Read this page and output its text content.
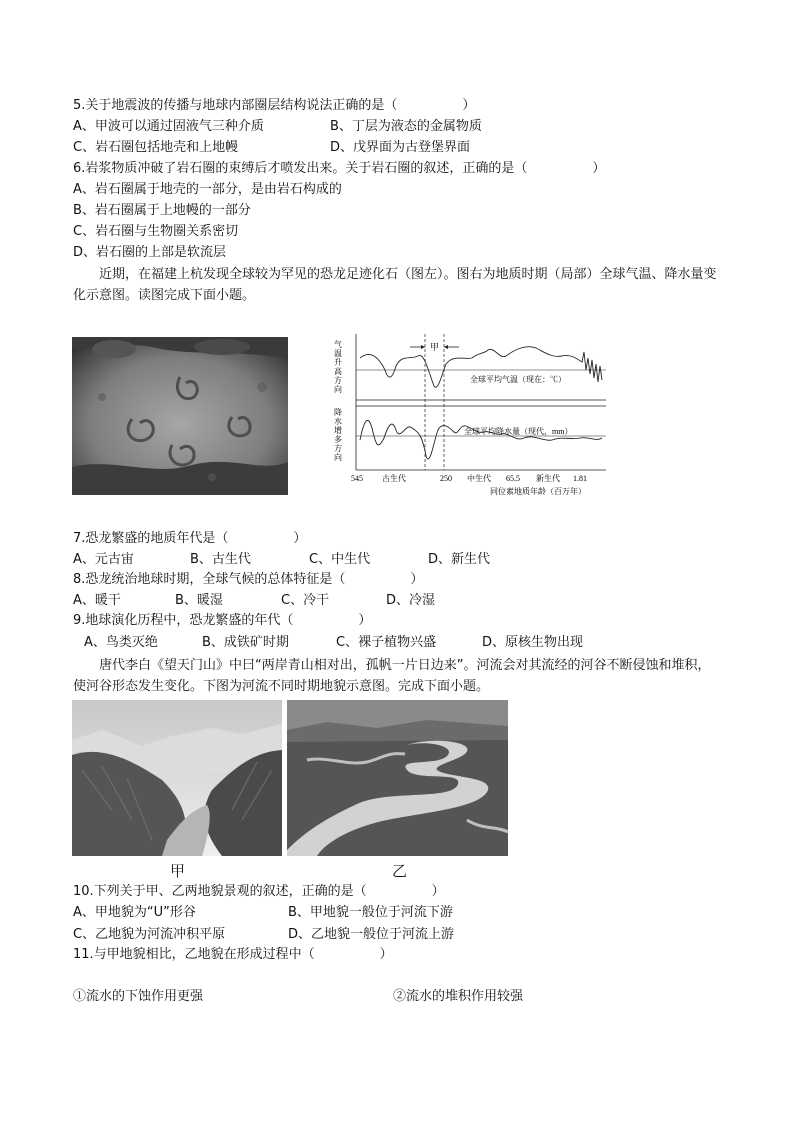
5.关于地震波的传播与地球内部圈层结构说法正确的是（　　　　　）
A、甲波可以通过固液气三种介质	B、丁层为液态的金属物质
C、岩石圈包括地壳和上地幔	D、戊界面为古登堡界面
6.岩浆物质冲破了岩石圈的束缚后才喷发出来。关于岩石圈的叙述，正确的是（　　　　　）
A、岩石圈属于地壳的一部分，是由岩石构成的
B、岩石圈属于上地幔的一部分
C、岩石圈与生物圈关系密切
D、岩石圈的上部是软流层
近期，在福建上杭发现全球较为罕见的恐龙足迹化石（图左）。图右为地质时期（局部）全球气温、降水量变化示意图。读图完成下面小题。
气温升高方向
降水增多方向
甲
全球平均气温（现在：℃）
全球平均降水量（现代，mm）
545 古生代	250 中生代 65.5 新生代 1.81
同位素地质年龄（百万年）
7.恐龙繁盛的地质年代是（　　　　　）
A、元古宙	B、古生代	C、中生代	D、新生代
8.恐龙统治地球时期，全球气候的总体特征是（　　　　　）
A、暖干	B、暖湿	C、冷干	D、冷湿
9.地球演化历程中，恐龙繁盛的年代（　　　　　）
A、鸟类灭绝	B、成铁矿时期	C、裸子植物兴盛	D、原核生物出现
唐代李白《望天门山》中曰“两岸青山相对出，孤帆一片日边来”。河流会对其流经的河谷不断侵蚀和堆积，使河谷形态发生变化。下图为河流不同时期地貌示意图。完成下面小题。
甲	乙
10.下列关于甲、乙两地貌景观的叙述，正确的是（　　　　　）
A、甲地貌为“U”形谷	B、甲地貌一般位于河流下游
C、乙地貌为河流冲积平原	D、乙地貌一般位于河流上游
11.与甲地貌相比，乙地貌在形成过程中（　　　　　）
①流水的下蚀作用更强	②流水的堆积作用较强
